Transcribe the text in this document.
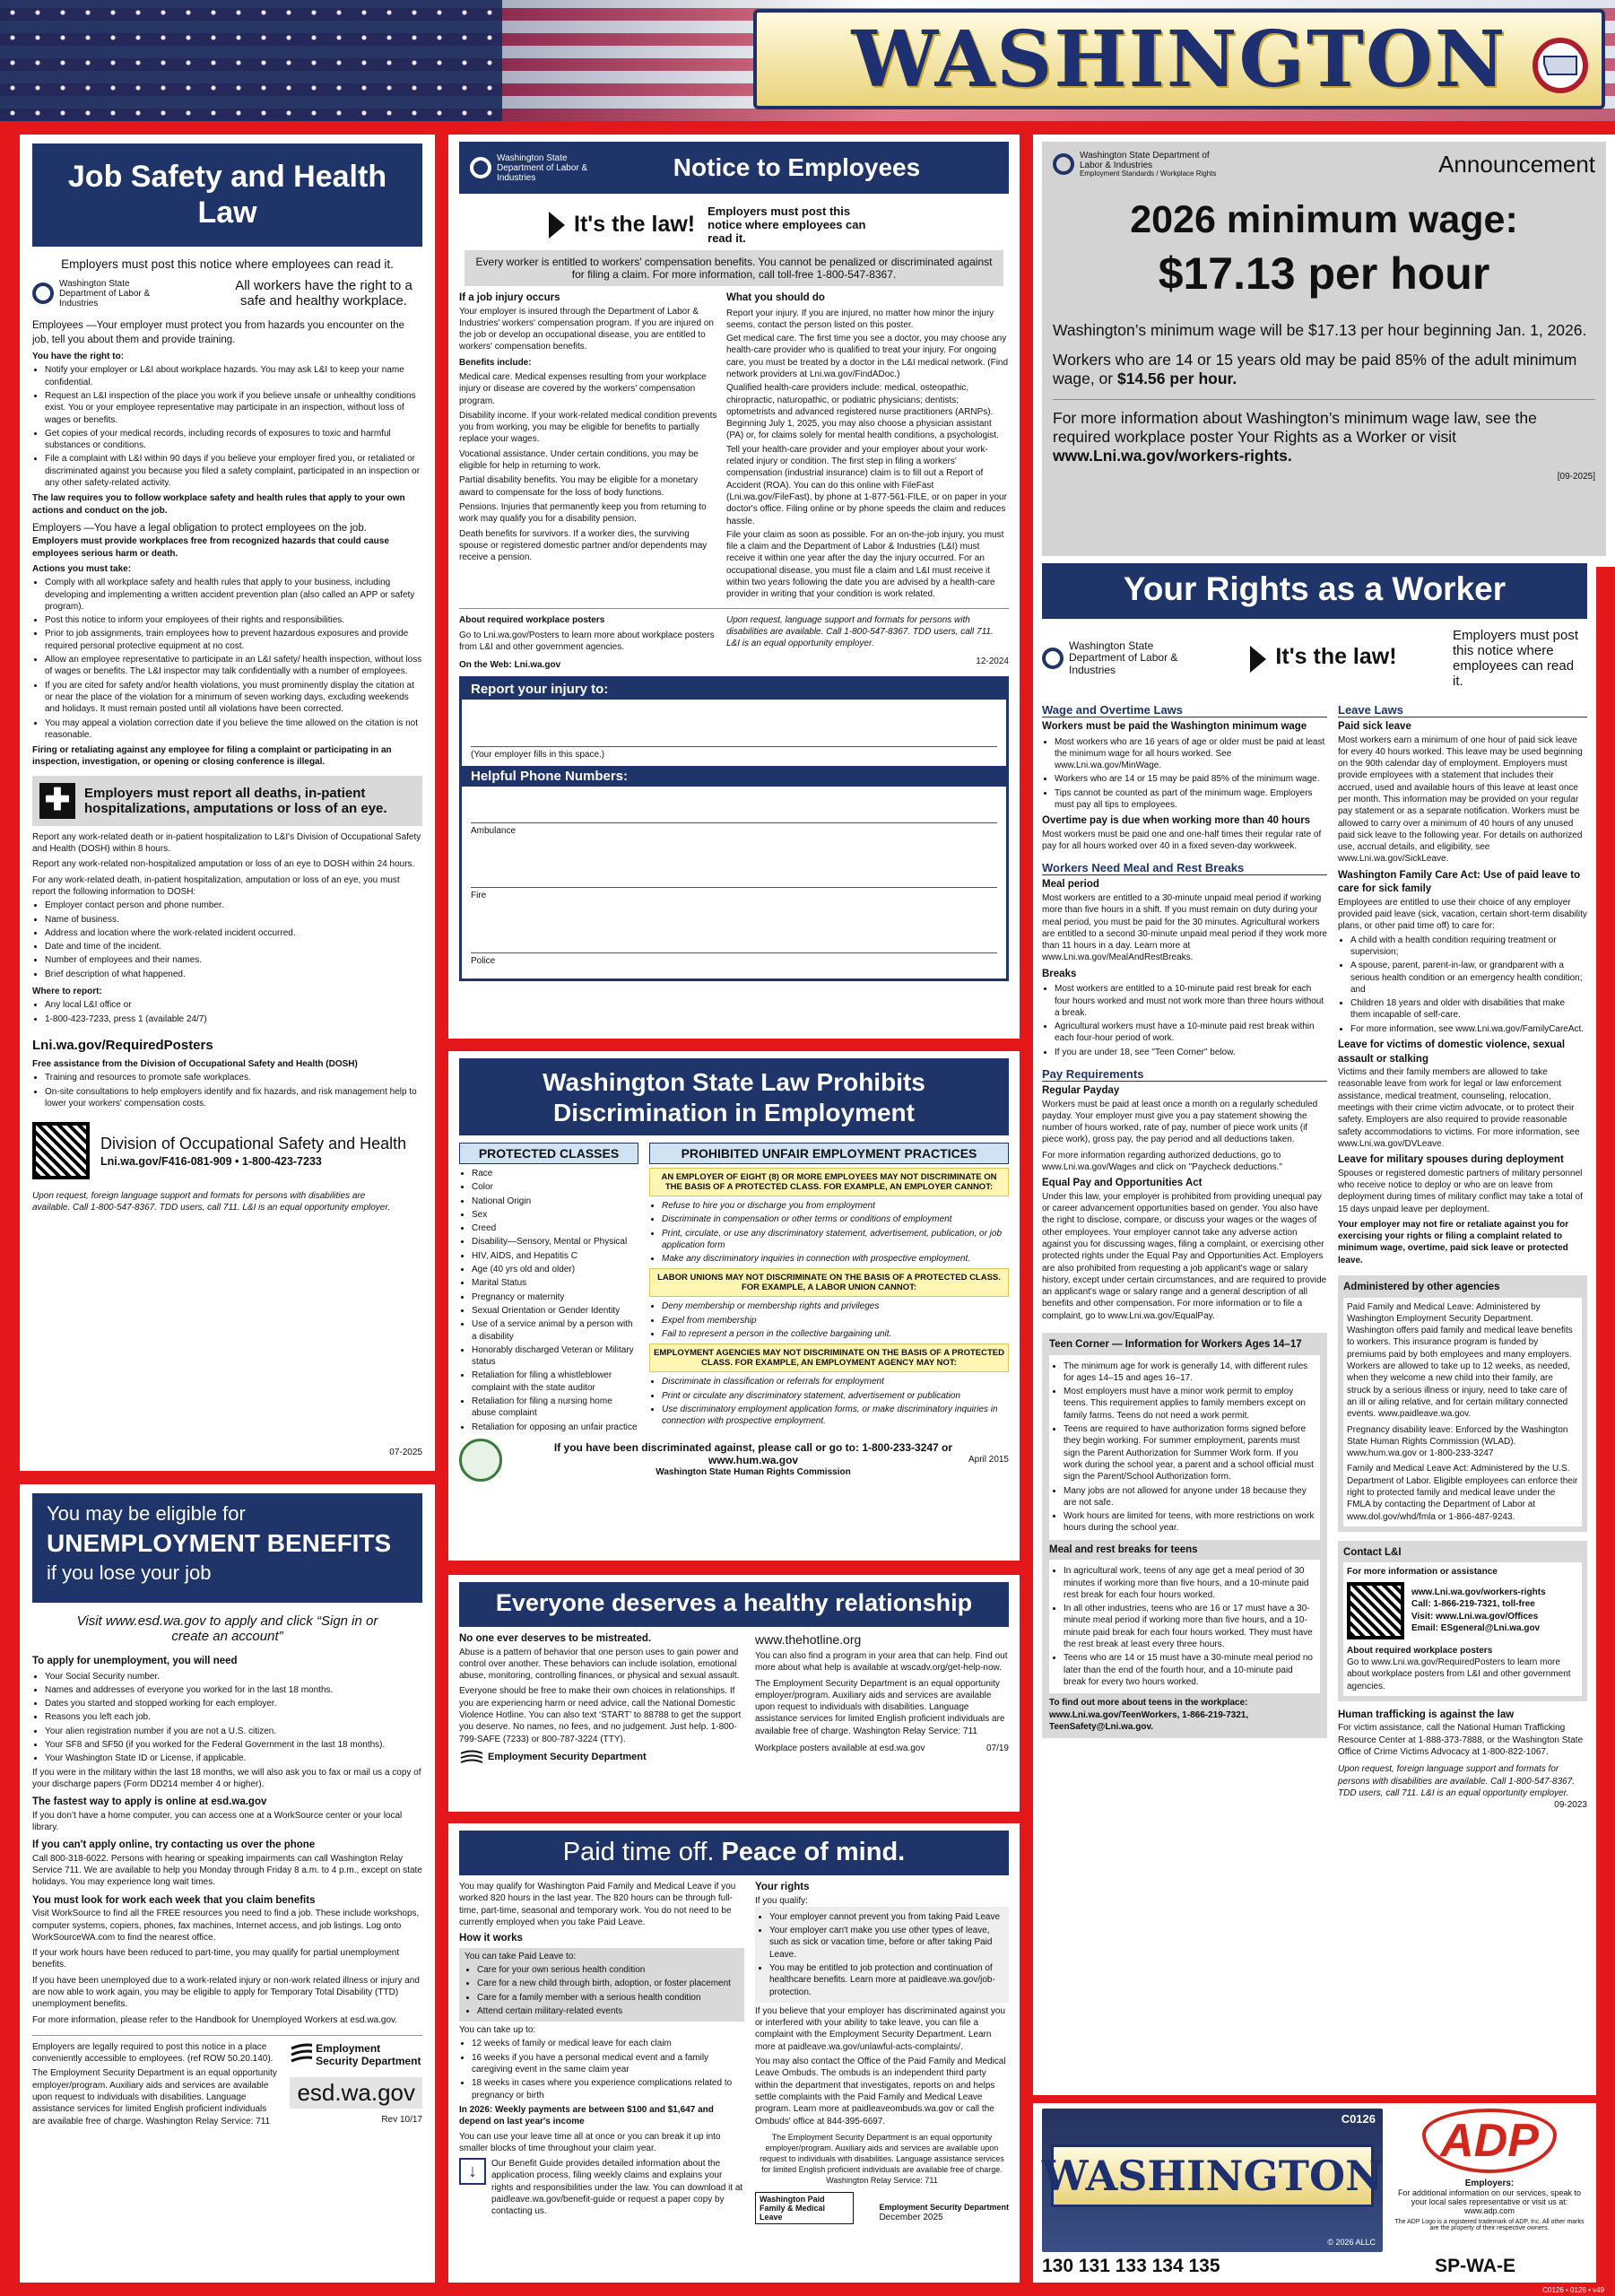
WASHINGTON
Job Safety and Health Law
Employers must post this notice where employees can read it.
Washington State Department of Labor & Industries
All workers have the right to a safe and healthy workplace.
Employees —Your employer must protect you from hazards you encounter on the job, tell you about them and provide training.
You have the right to:
• Notify your employer or L&I about workplace hazards. You may ask L&I to keep your name confidential.
• Request an L&I inspection of the place you work if you believe unsafe or unhealthy conditions exist. You or your employee representative may participate in an inspection, without loss of wages or benefits.
• Get copies of your medical records, including records of exposures to toxic and harmful substances or conditions.
• File a complaint with L&I within 90 days if you believe your employer fired you, or retaliated or discriminated against you because you filed a safety complaint, participated in an inspection or any other safety-related activity.
The law requires you to follow workplace safety and health rules that apply to your own actions and conduct on the job.
Employers —You have a legal obligation to protect employees on the job.
Employers must provide workplaces free from recognized hazards that could cause employees serious harm or death.
Actions you must take:
• Comply with all workplace safety and health rules that apply to your business, including developing and implementing a written accident prevention plan (also called an APP or safety program).
• Post this notice to inform your employees of their rights and responsibilities.
• Prior to job assignments, train employees how to prevent hazardous exposures and provide required personal protective equipment at no cost.
• Allow an employee representative to participate in an L&I safety/ health inspection, without loss of wages or benefits. The L&I inspector may talk confidentially with a number of employees.
• If you are cited for safety and/or health violations, you must prominently display the citation at or near the place of the violation for a minimum of seven working days, excluding weekends and holidays. It must remain posted until all violations have been corrected.
• You may appeal a violation correction date if you believe the time allowed on the citation is not reasonable.
Firing or retaliating against any employee for filing a complaint or participating in an inspection, investigation, or opening or closing conference is illegal.
✚	Employers must report all deaths, in-patient hospitalizations, amputations or loss of an eye.
Report any work-related death or in-patient hospitalization to L&I's Division of Occupational Safety and Health (DOSH) within 8 hours.
Report any work-related non-hospitalized amputation or loss of an eye to DOSH within 24 hours.
For any work-related death, in-patient hospitalization, amputation or loss of an eye, you must report the following information to DOSH:
• Employer contact person and phone number.
• Name of business.
• Address and location where the work-related incident occurred.
• Date and time of the incident.
• Number of employees and their names.
• Brief description of what happened.
Where to report:
• Any local L&I office or
• 1-800-423-7233, press 1 (available 24/7)
Lni.wa.gov/RequiredPosters
Free assistance from the Division of Occupational Safety and Health (DOSH)
• Training and resources to promote safe workplaces.
• On-site consultations to help employers identify and fix hazards, and risk management help to lower your workers' compensation costs.
Division of Occupational Safety and Health
Lni.wa.gov/F416-081-909 • 1-800-423-7233
Upon request, foreign language support and formats for persons with disabilities are available. Call 1-800-547-8367. TDD users, call 711. L&I is an equal opportunity employer.
07-2025
You may be eligible for
UNEMPLOYMENT BENEFITS
if you lose your job
Visit www.esd.wa.gov to apply and click “Sign in or create an account”
To apply for unemployment, you will need
• Your Social Security number.
• Names and addresses of everyone you worked for in the last 18 months.
• Dates you started and stopped working for each employer.
• Reasons you left each job.
• Your alien registration number if you are not a U.S. citizen.
• Your SF8 and SF50 (if you worked for the Federal Government in the last 18 months).
• Your Washington State ID or License, if applicable.
If you were in the military within the last 18 months, we will also ask you to fax or mail us a copy of your discharge papers (Form DD214 member 4 or higher).
The fastest way to apply is online at esd.wa.gov
If you don’t have a home computer, you can access one at a WorkSource center or your local library.
If you can't apply online, try contacting us over the phone
Call 800-318-6022. Persons with hearing or speaking impairments can call Washington Relay Service 711. We are available to help you Monday through Friday 8 a.m. to 4 p.m., except on state holidays. You may experience long wait times.
You must look for work each week that you claim benefits
Visit WorkSource to find all the FREE resources you need to find a job. These include workshops, computer systems, copiers, phones, fax machines, Internet access, and job listings. Log onto WorkSourceWA.com to find the nearest office.
If your work hours have been reduced to part-time, you may qualify for partial unemployment benefits.
If you have been unemployed due to a work-related injury or non-work related illness or injury and are now able to work again, you may be eligible to apply for Temporary Total Disability (TTD) unemployment benefits.
For more information, please refer to the Handbook for Unemployed Workers at esd.wa.gov.
Employers are legally required to post this notice in a place conveniently accessible to employees. (ref ROW 50.20.140).
The Employment Security Department is an equal opportunity employer/program. Auxiliary aids and services are available upon request to individuals with disabilities. Language assistance services for limited English proficient individuals are available free of charge. Washington Relay Service: 711
Employment Security Department
esd.wa.gov
Rev 10/17
Washington State Department of Labor & Industries	Notice to Employees
It's the law!
Employers must post this notice where employees can read it.
Every worker is entitled to workers' compensation benefits. You cannot be penalized or discriminated against for filing a claim. For more information, call toll-free 1-800-547-8367.
If a job injury occurs
Your employer is insured through the Department of Labor & Industries' workers' compensation program. If you are injured on the job or develop an occupational disease, you are entitled to workers' compensation benefits.
Benefits include:
Medical care. Medical expenses resulting from your workplace injury or disease are covered by the workers' compensation program.
Disability income. If your work-related medical condition prevents you from working, you may be eligible for benefits to partially replace your wages.
Vocational assistance. Under certain conditions, you may be eligible for help in returning to work.
Partial disability benefits. You may be eligible for a monetary award to compensate for the loss of body functions.
Pensions. Injuries that permanently keep you from returning to work may qualify you for a disability pension.
Death benefits for survivors. If a worker dies, the surviving spouse or registered domestic partner and/or dependents may receive a pension.
What you should do
Report your injury. If you are injured, no matter how minor the injury seems, contact the person listed on this poster.
Get medical care. The first time you see a doctor, you may choose any health-care provider who is qualified to treat your injury. For ongoing care, you must be treated by a doctor in the L&I medical network. (Find network providers at Lni.wa.gov/FindADoc.)
Qualified health-care providers include: medical, osteopathic, chiropractic, naturopathic, or podiatric physicians; dentists; optometrists and advanced registered nurse practitioners (ARNPs). Beginning July 1, 2025, you may also choose a physician assistant (PA) or, for claims solely for mental health conditions, a psychologist.
Tell your health-care provider and your employer about your work-related injury or condition. The first step in filing a workers' compensation (industrial insurance) claim is to fill out a Report of Accident (ROA). You can do this online with FileFast (Lni.wa.gov/FileFast), by phone at 1-877-561-FILE, or on paper in your doctor's office. Filing online or by phone speeds the claim and reduces hassle.
File your claim as soon as possible. For an on-the-job injury, you must file a claim and the Department of Labor & Industries (L&I) must receive it within one year after the day the injury occurred. For an occupational disease, you must file a claim and L&I must receive it within two years following the date you are advised by a health-care provider in writing that your condition is work related.
About required workplace posters
Go to Lni.wa.gov/Posters to learn more about workplace posters from L&I and other government agencies.
On the Web: Lni.wa.gov
Upon request, language support and formats for persons with disabilities are available. Call 1-800-547-8367. TDD users, call 711. L&I is an equal opportunity employer.
12-2024
Report your injury to:
(Your employer fills in this space.)
Helpful Phone Numbers:
Ambulance
Fire
Police
Washington State Law Prohibits Discrimination in Employment
PROTECTED CLASSES
• Race
• Color
• National Origin
• Sex
• Creed
• Disability—Sensory, Mental or Physical
• HIV, AIDS, and Hepatitis C
• Age (40 yrs old and older)
• Marital Status
• Pregnancy or maternity
• Sexual Orientation or Gender Identity
• Use of a service animal by a person with a disability
• Honorably discharged Veteran or Military status
• Retaliation for filing a whistleblower complaint with the state auditor
• Retaliation for filing a nursing home abuse complaint
• Retaliation for opposing an unfair practice
PROHIBITED UNFAIR EMPLOYMENT PRACTICES
AN EMPLOYER OF EIGHT (8) OR MORE EMPLOYEES MAY NOT DISCRIMINATE ON THE BASIS OF A PROTECTED CLASS. FOR EXAMPLE, AN EMPLOYER CANNOT:
• Refuse to hire you or discharge you from employment
• Discriminate in compensation or other terms or conditions of employment
• Print, circulate, or use any discriminatory statement, advertisement, publication, or job application form
• Make any discriminatory inquiries in connection with prospective employment.
LABOR UNIONS MAY NOT DISCRIMINATE ON THE BASIS OF A PROTECTED CLASS. FOR EXAMPLE, A LABOR UNION CANNOT:
• Deny membership or membership rights and privileges
• Expel from membership
• Fail to represent a person in the collective bargaining unit.
EMPLOYMENT AGENCIES MAY NOT DISCRIMINATE ON THE BASIS OF A PROTECTED CLASS. FOR EXAMPLE, AN EMPLOYMENT AGENCY MAY NOT:
• Discriminate in classification or referrals for employment
• Print or circulate any discriminatory statement, advertisement or publication
• Use discriminatory employment application forms, or make discriminatory inquiries in connection with prospective employment.
If you have been discriminated against, please call or go to: 1-800-233-3247 or www.hum.wa.gov
Washington State Human Rights Commission
April 2015
Everyone deserves a healthy relationship
No one ever deserves to be mistreated.
Abuse is a pattern of behavior that one person uses to gain power and control over another. These behaviors can include isolation, emotional abuse, monitoring, controlling finances, or physical and sexual assault.
Everyone should be free to make their own choices in relationships. If you are experiencing harm or need advice, call the National Domestic Violence Hotline. You can also text ‘START’ to 88788 to get the support you deserve. No names, no fees, and no judgement. Just help. 1-800-799-SAFE (7233) or 800-787-3224 (TTY).
Employment Security Department
www.thehotline.org
You can also find a program in your area that can help. Find out more about what help is available at wscadv.org/get-help-now.
The Employment Security Department is an equal opportunity employer/program. Auxiliary aids and services are available upon request to individuals with disabilities. Language assistance services for limited English proficient individuals are available free of charge. Washington Relay Service: 711
Workplace posters available at esd.wa.gov	07/19
Paid time off. Peace of mind.
You may qualify for Washington Paid Family and Medical Leave if you worked 820 hours in the last year. The 820 hours can be through full-time, part-time, seasonal and temporary work. You do not need to be currently employed when you take Paid Leave.
How it works
You can take Paid Leave to:
• Care for your own serious health condition
• Care for a new child through birth, adoption, or foster placement
• Care for a family member with a serious health condition
• Attend certain military-related events
You can take up to:
• 12 weeks of family or medical leave for each claim
• 16 weeks if you have a personal medical event and a family caregiving event in the same claim year
• 18 weeks in cases where you experience complications related to pregnancy or birth
In 2026: Weekly payments are between $100 and $1,647 and depend on last year's income
You can use your leave time all at once or you can break it up into smaller blocks of time throughout your claim year.
↓	Our Benefit Guide provides detailed information about the application process, filing weekly claims and explains your rights and responsibilities under the law. You can download it at paidleave.wa.gov/benefit-guide or request a paper copy by contacting us.
Your rights
If you qualify:
• Your employer cannot prevent you from taking Paid Leave
• Your employer can't make you use other types of leave, such as sick or vacation time, before or after taking Paid Leave.
• You may be entitled to job protection and continuation of healthcare benefits. Learn more at paidleave.wa.gov/job-protection.
If you believe that your employer has discriminated against you or interfered with your ability to take leave, you can file a complaint with the Employment Security Department. Learn more at paidleave.wa.gov/unlawful-acts-complaints/.
You may also contact the Office of the Paid Family and Medical Leave Ombuds. The ombuds is an independent third party within the department that investigates, reports on and helps settle complaints with the Paid Family and Medical Leave program. Learn more at paidleaveombuds.wa.gov or call the Ombuds' office at 844-395-6697.
The Employment Security Department is an equal opportunity employer/program. Auxiliary aids and services are available upon request to individuals with disabilities. Language assistance services for limited English proficient individuals are available free of charge. Washington Relay Service: 711
Washington Paid Family & Medical Leave
Employment Security Department
December 2025
Washington State Department of Labor & Industries
Employment Standards / Workplace Rights	Announcement
2026 minimum wage:
$17.13 per hour
Washington’s minimum wage will be $17.13 per hour beginning Jan. 1, 2026.
Workers who are 14 or 15 years old may be paid 85% of the adult minimum wage, or $14.56 per hour.
For more information about Washington’s minimum wage law, see the required workplace poster Your Rights as a Worker or visit www.Lni.wa.gov/workers-rights.
[09-2025]
Your Rights as a Worker
Washington State Department of Labor & Industries
It's the law!
Employers must post this notice where employees can read it.
Wage and Overtime Laws
Workers must be paid the Washington minimum wage
• Most workers who are 16 years of age or older must be paid at least the minimum wage for all hours worked. See www.Lni.wa.gov/MinWage.
• Workers who are 14 or 15 may be paid 85% of the minimum wage.
• Tips cannot be counted as part of the minimum wage. Employers must pay all tips to employees.
Overtime pay is due when working more than 40 hours
Most workers must be paid one and one-half times their regular rate of pay for all hours worked over 40 in a fixed seven-day workweek.
Workers Need Meal and Rest Breaks
Meal period
Most workers are entitled to a 30-minute unpaid meal period if working more than five hours in a shift. If you must remain on duty during your meal period, you must be paid for the 30 minutes. Agricultural workers are entitled to a second 30-minute unpaid meal period if they work more than 11 hours in a day. Learn more at www.Lni.wa.gov/MealAndRestBreaks.
Breaks
• Most workers are entitled to a 10-minute paid rest break for each four hours worked and must not work more than three hours without a break.
• Agricultural workers must have a 10-minute paid rest break within each four-hour period of work.
• If you are under 18, see "Teen Corner" below.
Pay Requirements
Regular Payday
Workers must be paid at least once a month on a regularly scheduled payday. Your employer must give you a pay statement showing the number of hours worked, rate of pay, number of piece work units (if piece work), gross pay, the pay period and all deductions taken.
For more information regarding authorized deductions, go to www.Lni.wa.gov/Wages and click on "Paycheck deductions."
Equal Pay and Opportunities Act
Under this law, your employer is prohibited from providing unequal pay or career advancement opportunities based on gender. You also have the right to disclose, compare, or discuss your wages or the wages of other employees. Your employer cannot take any adverse action against you for discussing wages, filing a complaint, or exercising other protected rights under the Equal Pay and Opportunities Act. Employers are also prohibited from requesting a job applicant's wage or salary history, except under certain circumstances, and are required to provide an applicant's wage or salary range and a general description of all benefits and other compensation. For more information or to file a complaint, go to www.Lni.wa.gov/EqualPay.
Teen Corner — Information for Workers Ages 14–17
• The minimum age for work is generally 14, with different rules for ages 14–15 and ages 16–17.
• Most employers must have a minor work permit to employ teens. This requirement applies to family members except on family farms. Teens do not need a work permit.
• Teens are required to have authorization forms signed before they begin working. For summer employment, parents must sign the Parent Authorization for Summer Work form. If you work during the school year, a parent and a school official must sign the Parent/School Authorization form.
• Many jobs are not allowed for anyone under 18 because they are not safe.
• Work hours are limited for teens, with more restrictions on work hours during the school year.
Meal and rest breaks for teens
• In agricultural work, teens of any age get a meal period of 30 minutes if working more than five hours, and a 10-minute paid rest break for each four hours worked.
• In all other industries, teens who are 16 or 17 must have a 30-minute meal period if working more than five hours, and a 10-minute paid break for each four hours worked. They must have the rest break at least every three hours.
• Teens who are 14 or 15 must have a 30-minute meal period no later than the end of the fourth hour, and a 10-minute paid break for every two hours worked.
To find out more about teens in the workplace: www.Lni.wa.gov/TeenWorkers, 1-866-219-7321, TeenSafety@Lni.wa.gov.
Leave Laws
Paid sick leave
Most workers earn a minimum of one hour of paid sick leave for every 40 hours worked. This leave may be used beginning on the 90th calendar day of employment. Employers must provide employees with a statement that includes their accrued, used and available hours of this leave at least once per month. This information may be provided on your regular pay statement or as a separate notification. Workers must be allowed to carry over a minimum of 40 hours of any unused paid sick leave to the following year. For details on authorized use, accrual details, and eligibility, see www.Lni.wa.gov/SickLeave.
Washington Family Care Act: Use of paid leave to care for sick family
Employees are entitled to use their choice of any employer provided paid leave (sick, vacation, certain short-term disability plans, or other paid time off) to care for:
• A child with a health condition requiring treatment or supervision;
• A spouse, parent, parent-in-law, or grandparent with a serious health condition or an emergency health condition; and
• Children 18 years and older with disabilities that make them incapable of self-care.
• For more information, see www.Lni.wa.gov/FamilyCareAct.
Leave for victims of domestic violence, sexual assault or stalking
Victims and their family members are allowed to take reasonable leave from work for legal or law enforcement assistance, medical treatment, counseling, relocation, meetings with their crime victim advocate, or to protect their safety. Employers are also required to provide reasonable safety accommodations to victims. For more information, see www.Lni.wa.gov/DVLeave.
Leave for military spouses during deployment
Spouses or registered domestic partners of military personnel who receive notice to deploy or who are on leave from deployment during times of military conflict may take a total of 15 days unpaid leave per deployment.
Your employer may not fire or retaliate against you for exercising your rights or filing a complaint related to minimum wage, overtime, paid sick leave or protected leave.
Administered by other agencies
Paid Family and Medical Leave: Administered by Washington Employment Security Department. Washington offers paid family and medical leave benefits to workers. This insurance program is funded by premiums paid by both employees and many employers. Workers are allowed to take up to 12 weeks, as needed, when they welcome a new child into their family, are struck by a serious illness or injury, need to take care of an ill or ailing relative, and for certain military connected events. www.paidleave.wa.gov.
Pregnancy disability leave: Enforced by the Washington State Human Rights Commission (WLAD). www.hum.wa.gov or 1-800-233-3247
Family and Medical Leave Act: Administered by the U.S. Department of Labor. Eligible employees can enforce their right to protected family and medical leave under the FMLA by contacting the Department of Labor at www.dol.gov/whd/fmla or 1-866-487-9243.
Contact L&I
For more information or assistance
www.Lni.wa.gov/workers-rights
Call: 1-866-219-7321, toll-free
Visit: www.Lni.wa.gov/Offices
Email: ESgeneral@Lni.wa.gov
About required workplace posters
Go to www.Lni.wa.gov/RequiredPosters to learn more about workplace posters from L&I and other government agencies.
Human trafficking is against the law
For victim assistance, call the National Human Trafficking Resource Center at 1-888-373-7888, or the Washington State Office of Crime Victims Advocacy at 1-800-822-1067.
Upon request, foreign language support and formats for persons with disabilities are available. Call 1-800-547-8367. TDD users, call 711. L&I is an equal opportunity employer.
09-2023
C0126
WASHINGTON
© 2026 ALLC
ADP
Employers:
For additional information on our services, speak to your local sales representative or visit us at: www.adp.com
The ADP Logo is a registered trademark of ADP, Inc. All other marks are the property of their respective owners.
130 131 133 134 135	SP-WA-E
C0126 • 0126 • v49
